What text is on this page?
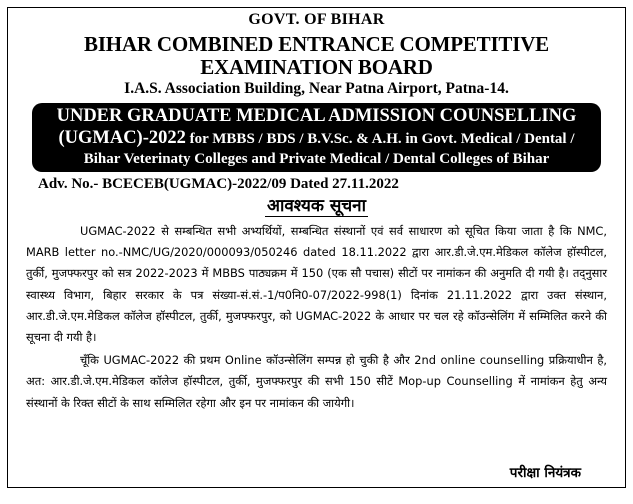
GOVT. OF BIHAR
BIHAR COMBINED ENTRANCE COMPETITIVE EXAMINATION BOARD
I.A.S. Association Building, Near Patna Airport, Patna-14.
UNDER GRADUATE MEDICAL ADMISSION COUNSELLING
(UGMAC)-2022 for MBBS / BDS / B.V.Sc. & A.H. in Govt. Medical / Dental /
Bihar Veterinaty Colleges and Private Medical / Dental Colleges of Bihar
Adv. No.- BCECEB(UGMAC)-2022/09 Dated 27.11.2022
आवश्यक सूचना
UGMAC-2022 से सम्बन्धित सभी अभ्यर्थियों, सम्बन्धित संस्थानों एवं सर्व साधारण को सूचित किया जाता है कि NMC, MARB letter no.-NMC/UG/2020/000093/050246 dated 18.11.2022 द्वारा आर.डी.जे.एम.मेडिकल कॉलेज हॉस्पीटल, तुर्की, मुजफ्फरपुर को सत्र 2022-2023 में MBBS पाठ्यक्रम में 150 (एक सौ पचास) सीटों पर नामांकन की अनुमति दी गयी है। तद्नुसार स्वास्थ्य विभाग, बिहार सरकार के पत्र संख्या-सं.सं.-1/प0नि0-07/2022-998(1) दिनांक 21.11.2022 द्वारा उक्त संस्थान, आर.डी.जे.एम.मेडिकल कॉलेज हॉस्पीटल, तुर्की, मुजफ्फरपुर, को UGMAC-2022 के आधार पर चल रहे कॉउन्सेलिंग में सम्मिलित करने की सूचना दी गयी है।
चूँकि UGMAC-2022 की प्रथम Online कॉउन्सेलिंग सम्पन्न हो चुकी है और 2nd online counselling प्रक्रियाधीन है, अत: आर.डी.जे.एम.मेडिकल कॉलेज हॉस्पीटल, तुर्की, मुजफ्फरपुर की सभी 150 सीटें Mop-up Counselling में नामांकन हेतु अन्य संस्थानों के रिक्त सीटों के साथ सम्मिलित रहेगा और इन पर नामांकन की जायेगी।
परीक्षा नियंत्रक
